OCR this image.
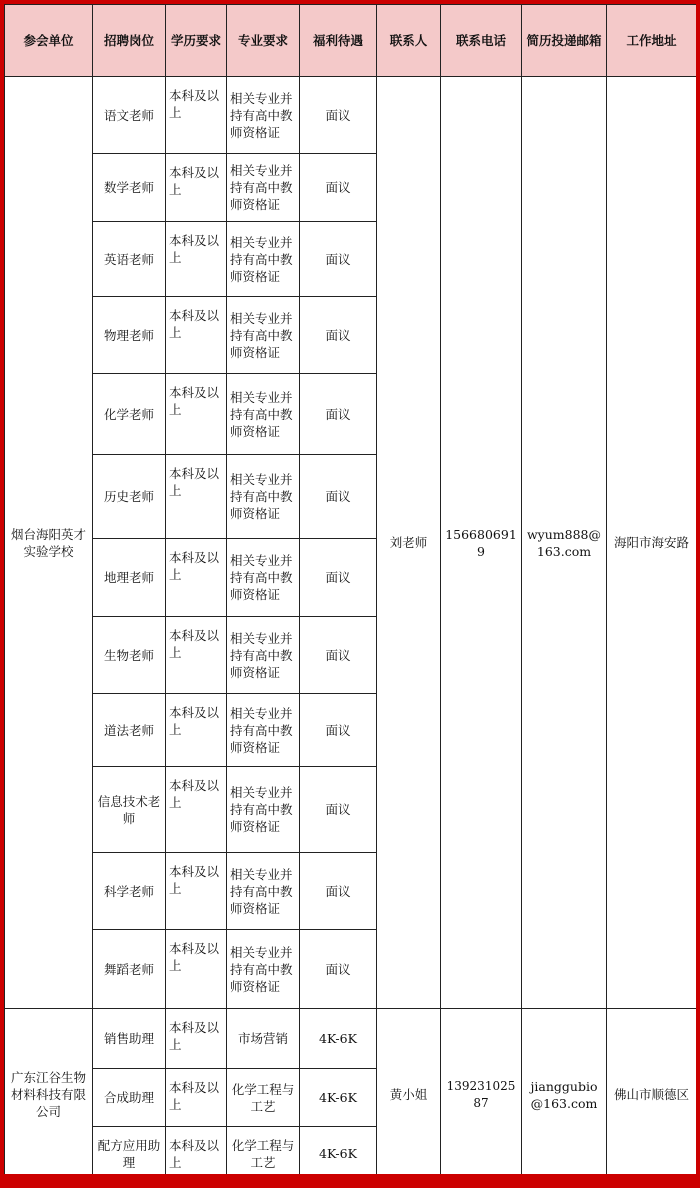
参会单位	招聘岗位	学历要求	专业要求	福利待遇	联系人	联系电话	简历投递邮箱	工作地址
烟台海阳英才实验学校	语文老师	本科及以上	相关专业并持有高中教师资格证	面议	刘老师	1566806919	wyum888@163.com	海阳市海安路
	数学老师	本科及以上	相关专业并持有高中教师资格证	面议				
	英语老师	本科及以上	相关专业并持有高中教师资格证	面议				
	物理老师	本科及以上	相关专业并持有高中教师资格证	面议				
	化学老师	本科及以上	相关专业并持有高中教师资格证	面议				
	历史老师	本科及以上	相关专业并持有高中教师资格证	面议				
	地理老师	本科及以上	相关专业并持有高中教师资格证	面议				
	生物老师	本科及以上	相关专业并持有高中教师资格证	面议				
	道法老师	本科及以上	相关专业并持有高中教师资格证	面议				
	信息技术老师	本科及以上	相关专业并持有高中教师资格证	面议				
	科学老师	本科及以上	相关专业并持有高中教师资格证	面议				
	舞蹈老师	本科及以上	相关专业并持有高中教师资格证	面议				
广东江谷生物材料科技有限公司	销售助理	本科及以上	市场营销	4K-6K	黄小姐	13923102587	jianggubio@163.com	佛山市顺德区
	合成助理	本科及以上	化学工程与工艺	4K-6K				
	配方应用助理	本科及以上	化学工程与工艺	4K-6K				
